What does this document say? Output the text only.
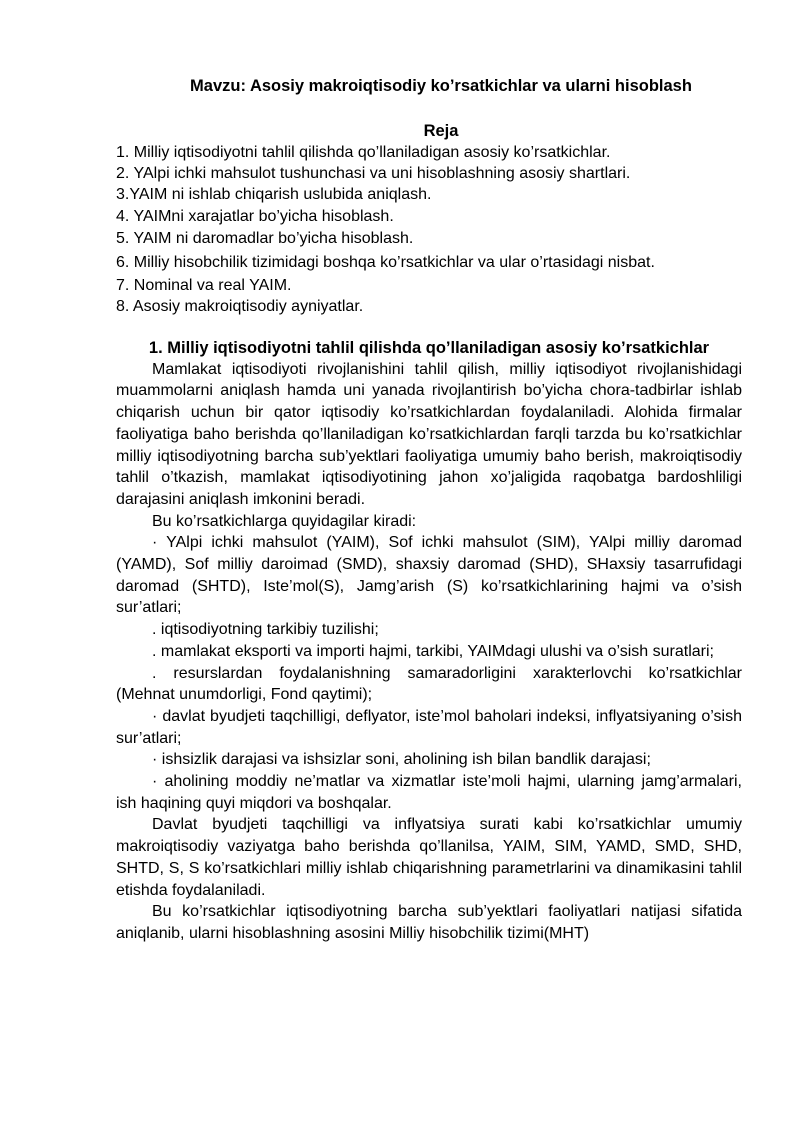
Mavzu: Asosiy makroiqtisodiy ko’rsatkichlar va ularni hisoblash
Reja
1. Milliy iqtisodiyotni tahlil qilishda qo’llaniladigan asosiy ko’rsatkichlar.
2. YAlpi ichki mahsulot tushunchasi va uni hisoblashning asosiy shartlari.
3.YAIM ni ishlab chiqarish uslubida aniqlash.
4. YAIMni xarajatlar bo’yicha hisoblash.
5. YAIM ni daromadlar bo’yicha hisoblash.
6. Milliy hisobchilik tizimidagi boshqa ko’rsatkichlar va ular o’rtasidagi nisbat.
7. Nominal va real YAIM.
8. Asosiy makroiqtisodiy ayniyatlar.
1. Milliy iqtisodiyotni tahlil qilishda qo’llaniladigan asosiy ko’rsatkichlar

Mamlakat iqtisodiyoti rivojlanishini tahlil qilish, milliy iqtisodiyot rivojlanishidagi muammolarni aniqlash hamda uni yanada rivojlantirish bo’yicha chora-tadbirlar ishlab chiqarish uchun bir qator iqtisodiy ko’rsatkichlardan foydalaniladi. Alohida firmalar faoliyatiga baho berishda qo’llaniladigan ko’rsatkichlardan farqli tarzda bu ko’rsatkichlar milliy iqtisodiyotning barcha sub’yektlari faoliyatiga umumiy baho berish, makroiqtisodiy tahlil o’tkazish, mamlakat iqtisodiyotining jahon xo’jaligida raqobatga bardoshliligi darajasini aniqlash imkonini beradi.

Bu ko’rsatkichlarga quyidagilar kiradi:

· YAlpi ichki mahsulot (YAIM), Sof ichki mahsulot (SIM), YAlpi milliy daromad (YAMD), Sof milliy daroimad (SMD), shaxsiy daromad (SHD), SHaxsiy tasarrufidagi daromad (SHTD), Iste’mol(S), Jamg’arish (S) ko’rsatkichlarining hajmi va o’sish sur’atlari;

. iqtisodiyotning tarkibiy tuzilishi;

. mamlakat eksporti va importi hajmi, tarkibi, YAIMdagi ulushi va o’sish suratlari;

. resurslardan foydalanishning samaradorligini xarakterlovchi ko’rsatkichlar (Mehnat unumdorligi, Fond qaytimi);

· davlat byudjeti taqchilligi, deflyator, iste’mol baholari indeksi, inflyatsiyaning o’sish sur’atlari;

· ishsizlik darajasi va ishsizlar soni, aholining ish bilan bandlik darajasi;

· aholining moddiy ne’matlar va xizmatlar iste’moli hajmi, ularning jamg’armalari, ish haqining quyi miqdori va boshqalar.

Davlat byudjeti taqchilligi va inflyatsiya surati kabi ko’rsatkichlar umumiy makroiqtisodiy vaziyatga baho berishda qo’llanilsa, YAIM, SIM, YAMD, SMD, SHD, SHTD, S, S ko’rsatkichlari milliy ishlab chiqarishning parametrlarini va dinamikasini tahlil etishda foydalaniladi.

Bu ko’rsatkichlar iqtisodiyotning barcha sub’yektlari faoliyatlari natijasi sifatida aniqlanib, ularni hisoblashning asosini Milliy hisobchilik tizimi(MHT)
